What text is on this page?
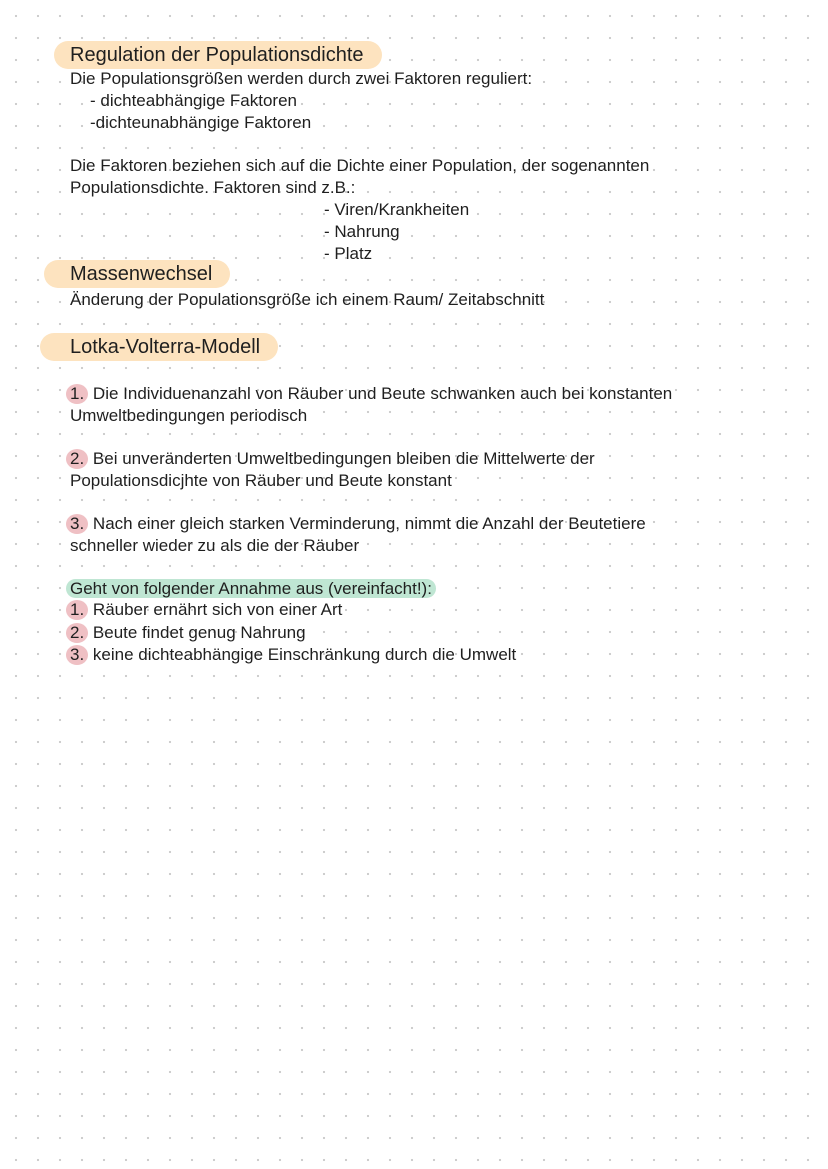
Regulation der Populationsdichte
Die Populationsgrößen werden durch zwei Faktoren reguliert:
- dichteabhängige Faktoren
-dichteunabhängige Faktoren
Die Faktoren beziehen sich auf die Dichte einer Population, der sogenannten
Populationsdichte. Faktoren sind z.B.:
- Viren/Krankheiten
- Nahrung
- Platz
Massenwechsel
Änderung der Populationsgröße ich einem Raum/ Zeitabschnitt
Lotka-Volterra-Modell
1. Die Individuenanzahl von Räuber und Beute schwanken auch bei konstanten
Umweltbedingungen periodisch
2. Bei unveränderten Umweltbedingungen bleiben die Mittelwerte der
Populationsdicjhte von Räuber und Beute konstant
3. Nach einer gleich starken Verminderung, nimmt die Anzahl der Beutetiere
schneller wieder zu als die der Räuber
Geht von folgender Annahme aus (vereinfacht!):
1. Räuber ernährt sich von einer Art
2. Beute findet genug Nahrung
3. keine dichteabhängige Einschränkung durch die Umwelt
